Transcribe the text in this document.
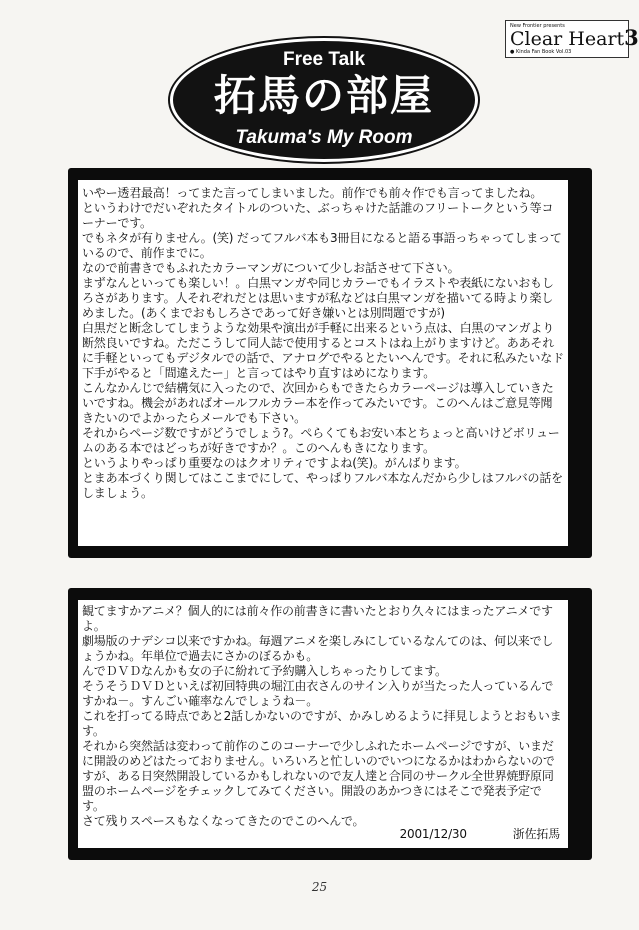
New Frontier presents
Clear Heart3
● Kinda Fan Book Vol.03
Free Talk
拓馬の部屋
Takuma's My Room

いやー透君最高！ってまた言ってしまいました。前作でも前々作でも言ってましたね。

というわけでだいぞれたタイトルのついた、ぶっちゃけた話誰のフリートークという等コーナーです。

でもネタが有りません。(笑) だってフルバ本も3冊目になると語る事語っちゃってしまっているので、前作までに。

なので前書きでもふれたカラーマンガについて少しお話させて下さい。

まずなんといっても楽しい！。白黒マンガや同じカラーでもイラストや表紙にないおもしろさがあります。人それぞれだとは思いますが私などは白黒マンガを描いてる時より楽しめました。(あくまでおもしろさであって好き嫌いとは別問題ですが)

白黒だと断念してしまうような効果や演出が手軽に出来るという点は、白黒のマンガより断然良いですね。ただこうして同人誌で使用するとコストはね上がりますけど。ああそれに手軽といってもデジタルでの話で、アナログでやるとたいへんです。それに私みたいなド下手がやると「間違えたー」と言ってはやり直すはめになります。

こんなかんじで結構気に入ったので、次回からもできたらカラーページは導入していきたいですね。機会があればオールフルカラー本を作ってみたいです。このへんはご意見等聞きたいのでよかったらメールでも下さい。

それからページ数ですがどうでしょう?。ぺらくてもお安い本とちょっと高いけどボリュームのある本ではどっちが好きですか？。このへんもきになります。

というよりやっぱり重要なのはクオリティですよね(笑)。がんばります。

とまあ本づくり関してはここまでにして、やっぱりフルバ本なんだから少しはフルバの話をしましょう。

観てますかアニメ？個人的には前々作の前書きに書いたとおり久々にはまったアニメですよ。

劇場版のナデシコ以来ですかね。毎週アニメを楽しみにしているなんてのは、何以来でしょうかね。年単位で過去にさかのぼるかも。

んでＤＶＤなんかも女の子に紛れて予約購入しちゃったりしてます。

そうそうＤＶＤといえば初回特典の堀江由衣さんのサイン入りが当たった人っているんですかね－。すんごい確率なんでしょうね－。

これを打ってる時点であと2話しかないのですが、かみしめるように拝見しようとおもいます。

それから突然話は変わって前作のこのコーナーで少しふれたホームページですが、いまだに開設のめどはたっておりません。いろいろと忙しいのでいつになるかはわからないのですが、ある日突然開設しているかもしれないので友人達と合同のサークル全世界焼野原同盟のホームページをチェックしてみてください。開設のあかつきにはそこで発表予定です。

さて残りスペースもなくなってきたのでこのへんで。

2001/12/30	浙佐拓馬
25
